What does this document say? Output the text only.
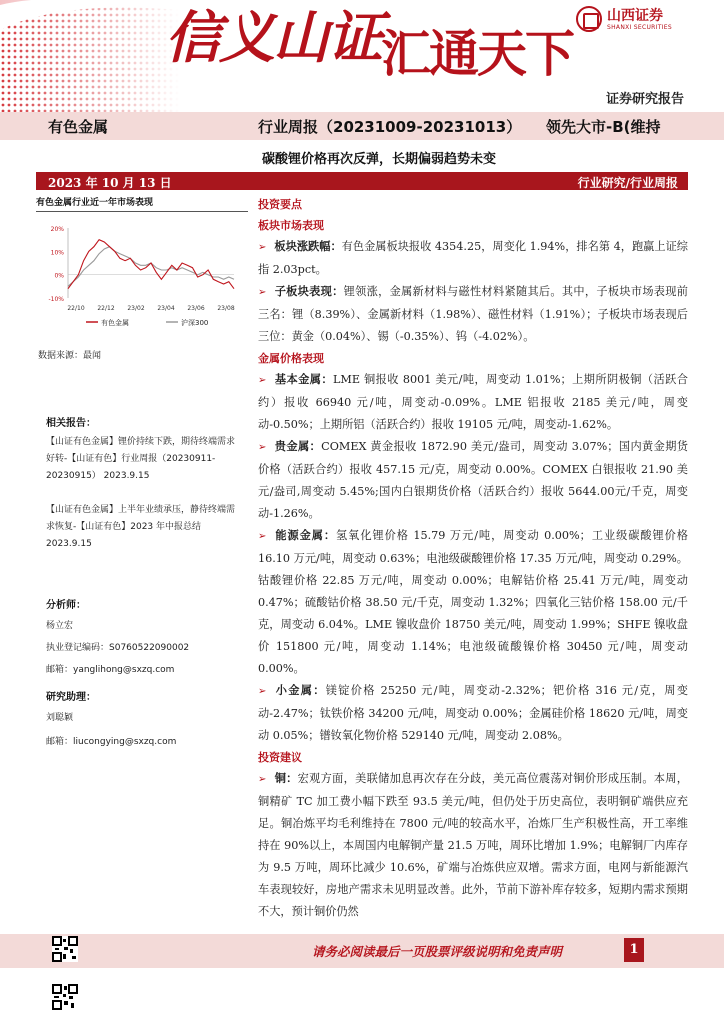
信义山证汇通天下
山西证券
SHANXI SECURITIES
证券研究报告
有色金属	行业周报（20231009-20231013） 领先大市-B(维持
碳酸锂价格再次反弹，长期偏弱趋势未变
2023 年 10 月 13 日	行业研究/行业周报
有色金属行业近一年市场表现
20%
10%
0%
-10%
22/10 22/12 23/02 23/04 23/06 23/08
有色金属	沪深300
数据来源：最闻
相关报告：
【山证有色金属】锂价持续下跌，期待终端需求好转-【山证有色】行业周报（20230911-20230915） 2023.9.15
【山证有色金属】上半年业绩承压，静待终端需求恢复-【山证有色】2023 年中报总结 2023.9.15
分析师：
杨立宏
执业登记编码：S0760522090002
邮箱：yanglihong@sxzq.com
研究助理：
刘聪颖
邮箱：liucongying@sxzq.com
投资要点
板块市场表现

➢ 板块涨跌幅：有色金属板块报收 4354.25，周变化 1.94%，排名第 4，跑赢上证综指 2.03pct。

➢ 子板块表现：锂领涨，金属新材料与磁性材料紧随其后。其中，子板块市场表现前三名：锂（8.39%）、金属新材料（1.98%）、磁性材料（1.91%）；子板块市场表现后三位：黄金（0.04%）、锡（-0.35%）、钨（-4.02%）。

金属价格表现

➢ 基本金属：LME 铜报收 8001 美元/吨，周变动 1.01%；上期所阴极铜（活跃合约）报收 66940 元/吨，周变动-0.09%。LME 铝报收 2185 美元/吨，周变动-0.50%；上期所铝（活跃合约）报收 19105 元/吨，周变动-1.62%。

➢ 贵金属：COMEX 黄金报收 1872.90 美元/盎司，周变动 3.07%；国内黄金期货价格（活跃合约）报收 457.15 元/克，周变动 0.00%。COMEX 白银报收 21.90 美元/盎司,周变动 5.45%;国内白银期货价格（活跃合约）报收 5644.00元/千克，周变动-1.26%。

➢ 能源金属：氢氧化锂价格 15.79 万元/吨，周变动 0.00%；工业级碳酸锂价格 16.10 万元/吨，周变动 0.63%；电池级碳酸锂价格 17.35 万元/吨，周变动 0.29%。钴酸锂价格 22.85 万元/吨，周变动 0.00%；电解钴价格 25.41 万元/吨，周变动 0.47%；硫酸钴价格 38.50 元/千克，周变动 1.32%；四氧化三钴价格 158.00 元/千克，周变动 6.04%。LME 镍收盘价 18750 美元/吨，周变动 1.99%；SHFE 镍收盘价 151800 元/吨，周变动 1.14%；电池级硫酸镍价格 30450 元/吨，周变动 0.00%。

➢ 小金属：镁锭价格 25250 元/吨，周变动-2.32%；钯价格 316 元/克，周变动-2.47%；钛铁价格 34200 元/吨，周变动 0.00%；金属硅价格 18620 元/吨，周变动 0.05%；镨钕氧化物价格 529140 元/吨，周变动 2.08%。

投资建议

➢ 铜：宏观方面，美联储加息再次存在分歧，美元高位震荡对铜价形成压制。本周，铜精矿 TC 加工费小幅下跌至 93.5 美元/吨，但仍处于历史高位，表明铜矿端供应充足。铜冶炼平均毛利维持在 7800 元/吨的较高水平，冶炼厂生产积极性高，开工率维持在 90%以上，本周国内电解铜产量 21.5 万吨，周环比增加 1.9%；电解铜厂内库存为 9.5 万吨，周环比减少 10.6%，矿端与冶炼供应双增。需求方面，电网与新能源汽车表现较好，房地产需求未见明显改善。此外，节前下游补库存较多，短期内需求预期不大，预计铜价仍然

请务必阅读最后一页股票评级说明和免责声明	1
